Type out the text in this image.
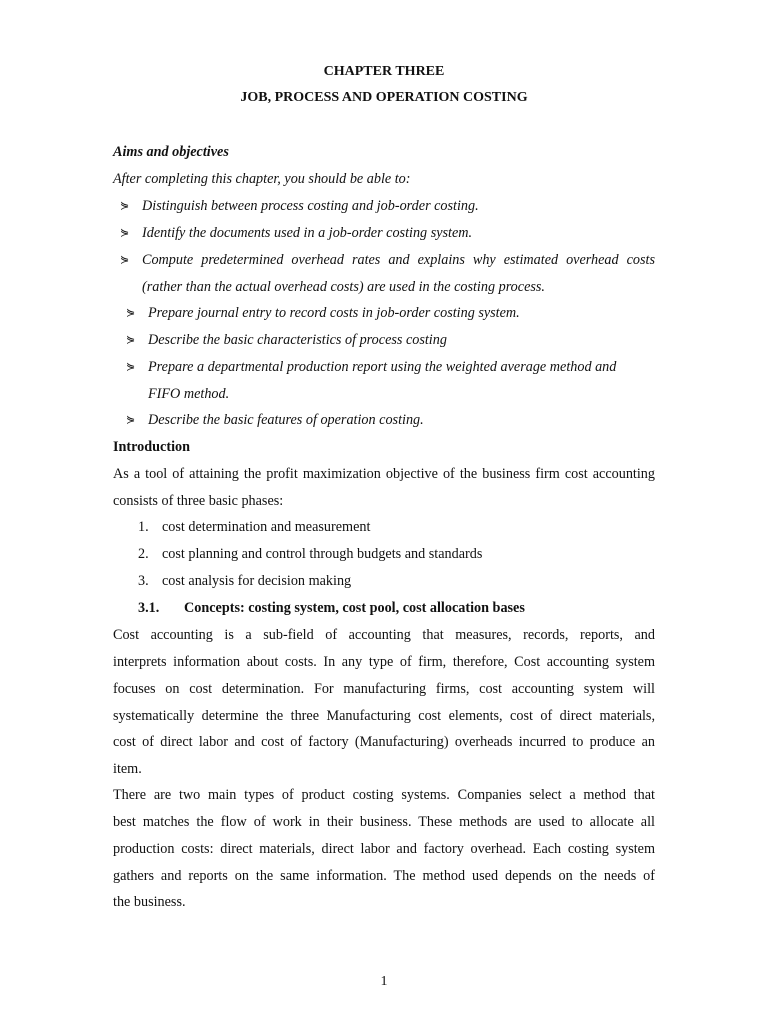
CHAPTER THREE
JOB, PROCESS AND OPERATION COSTING
Aims and objectives
After completing this chapter, you should be able to:
⋟ Distinguish between process costing and job-order costing.
⋟ Identify the documents used in a job-order costing system.
⋟ Compute predetermined overhead rates and explains why estimated overhead costs
(rather than the actual overhead costs) are used in the costing process.
⋟ Prepare journal entry to record costs in job-order costing system.
⋟ Describe the basic characteristics of process costing
⋟ Prepare a departmental production report using the weighted average method and
FIFO method.
⋟ Describe the basic features of operation costing.
Introduction
As a tool of attaining the profit maximization objective of the business firm cost accounting
consists of three basic phases:
1. cost determination and measurement
2. cost planning and control through budgets and standards
3. cost analysis for decision making
3.1. Concepts: costing system, cost pool, cost allocation bases
Cost accounting is a sub-field of accounting that measures, records, reports, and
interprets information about costs. In any type of firm, therefore, Cost accounting system
focuses on cost determination. For manufacturing firms, cost accounting system will
systematically determine the three Manufacturing cost elements, cost of direct materials,
cost of direct labor and cost of factory (Manufacturing) overheads incurred to produce an
item.
There are two main types of product costing systems. Companies select a method that
best matches the flow of work in their business. These methods are used to allocate all
production costs: direct materials, direct labor and factory overhead. Each costing system
gathers and reports on the same information. The method used depends on the needs of
the business.
1
